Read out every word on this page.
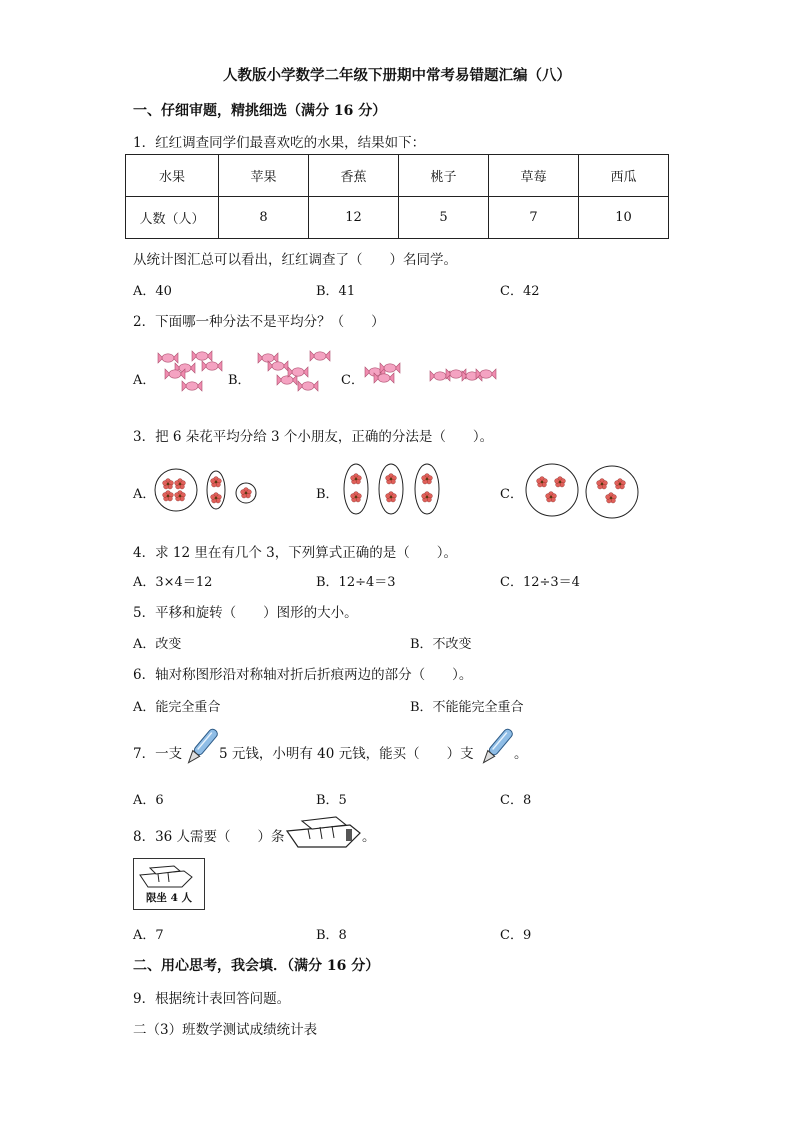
人教版小学数学二年级下册期中常考易错题汇编（八）
一、仔细审题，精挑细选（满分 16 分）
1．红红调查同学们最喜欢吃的水果，结果如下：
水果	苹果	香蕉	桃子	草莓	西瓜
人数（人）	8	12	5	7	10
从统计图汇总可以看出，红红调查了（　　）名同学。
A．40	B．41	C．42
2．下面哪一种分法不是平均分？（　　）
A．	B．	C．
3．把 6 朵花平均分给 3 个小朋友，正确的分法是（　　）。
A．	B．	C．
4．求 12 里在有几个 3，下列算式正确的是（　　）。
A．3×4＝12	B．12÷4＝3	C．12÷3＝4
5．平移和旋转（　　）图形的大小。
A．改变	B．不改变
6．轴对称图形沿对称轴对折后折痕两边的部分（　　）。
A．能完全重合	B．不能能完全重合
7．一支	5 元钱，小明有 40 元钱，能买（　　）支	。
A．6	B．5	C．8
8．36 人需要（　　）条	。
限坐 4 人
A．7	B．8	C．9
二、用心思考，我会填．（满分 16 分）
9．根据统计表回答问题。
二（3）班数学测试成绩统计表
